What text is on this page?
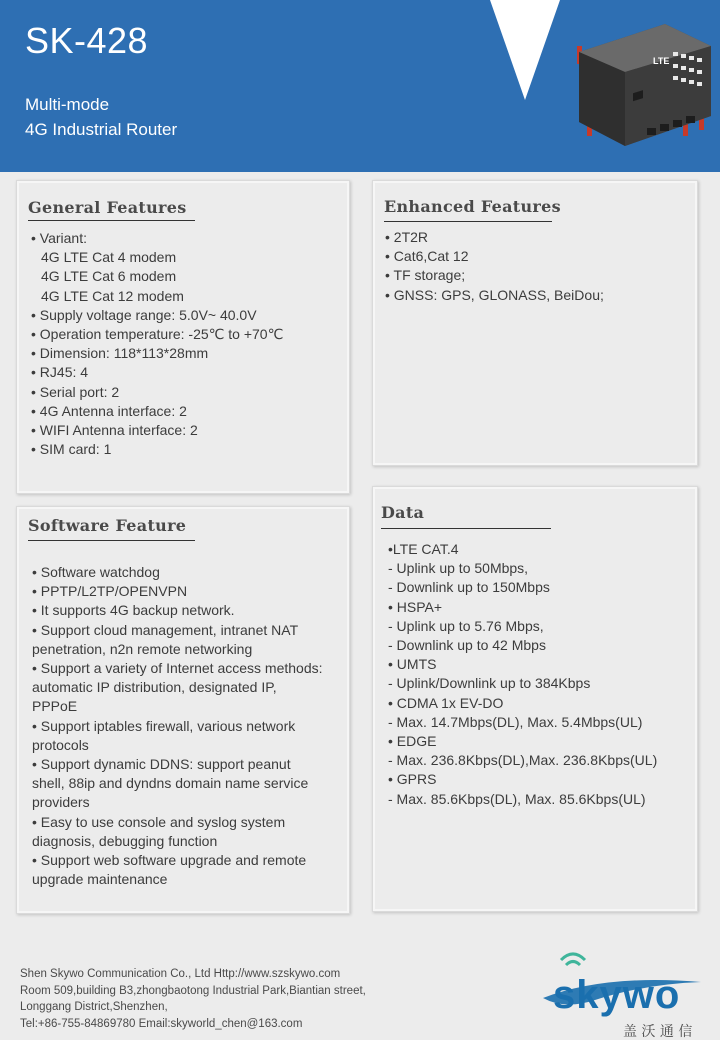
SK-428
Multi-mode
4G Industrial Router
LTE
General Features
• Variant:
4G LTE Cat 4 modem
4G LTE Cat 6 modem
4G LTE Cat 12 modem
• Supply voltage range: 5.0V~ 40.0V
• Operation temperature: -25℃ to +70℃
• Dimension: 118*113*28mm
• RJ45: 4
• Serial port: 2
• 4G Antenna interface: 2
• WIFI Antenna interface: 2
• SIM card: 1
Enhanced Features
• 2T2R
• Cat6,Cat 12
• TF storage;
• GNSS: GPS, GLONASS, BeiDou;
Software Feature
• Software watchdog
• PPTP/L2TP/OPENVPN
• It supports 4G backup network.
• Support cloud management, intranet NAT
penetration, n2n remote networking
• Support a variety of Internet access methods:
automatic IP distribution, designated IP,
PPPoE
• Support iptables firewall, various network
protocols
• Support dynamic DDNS: support peanut
shell, 88ip and dyndns domain name service
providers
• Easy to use console and syslog system
diagnosis, debugging function
• Support web software upgrade and remote
upgrade maintenance
Data
•LTE CAT.4
- Uplink up to 50Mbps,
- Downlink up to 150Mbps
• HSPA+
- Uplink up to 5.76 Mbps,
- Downlink up to 42 Mbps
• UMTS
- Uplink/Downlink up to 384Kbps
• CDMA 1x EV-DO
- Max. 14.7Mbps(DL), Max. 5.4Mbps(UL)
• EDGE
- Max. 236.8Kbps(DL),Max. 236.8Kbps(UL)
• GPRS
- Max. 85.6Kbps(DL), Max. 85.6Kbps(UL)
Shen Skywo Communication Co., Ltd Http://www.szskywo.com
Room 509,building B3,zhongbaotong Industrial Park,Biantian street,
Longgang District,Shenzhen,
Tel:+86-755-84869780 Email:skyworld_chen@163.com
skywo
盖 沃 通 信
